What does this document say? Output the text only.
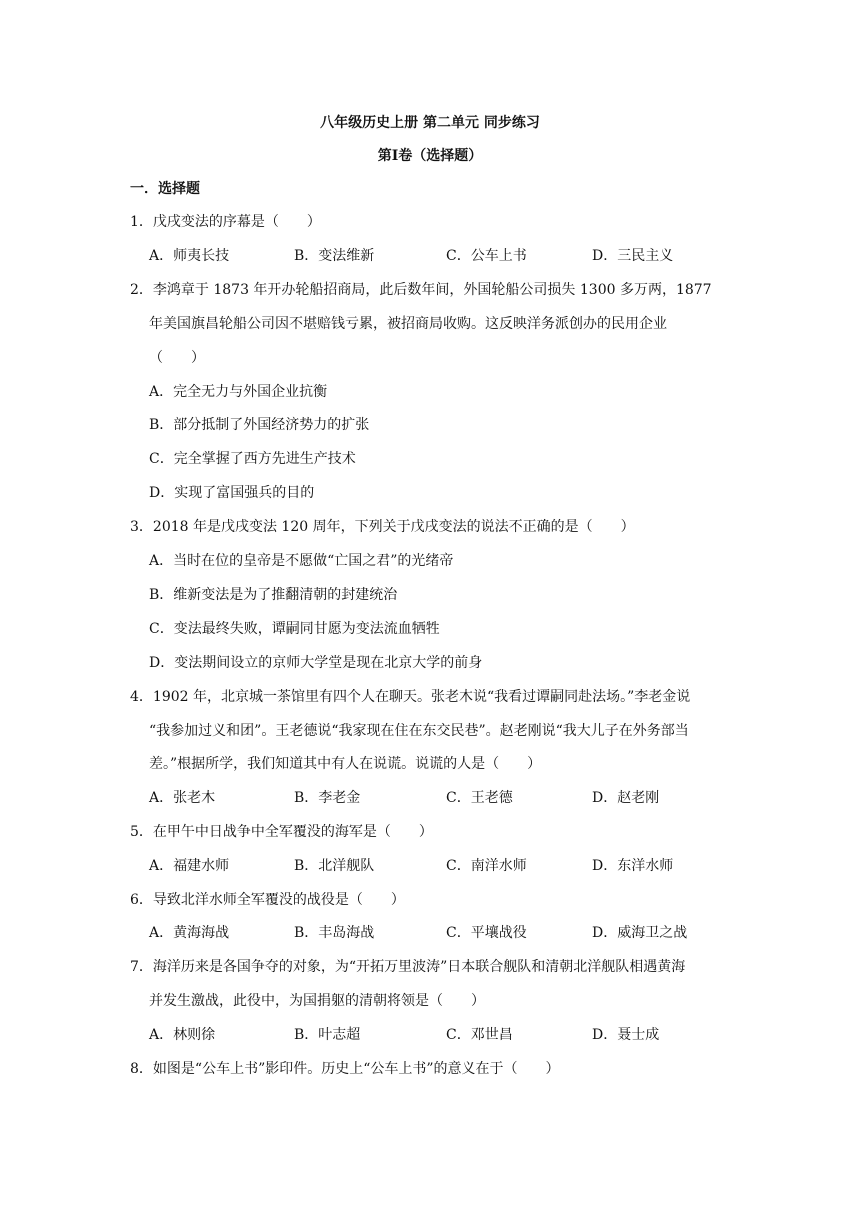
八年级历史上册 第二单元 同步练习
第Ⅰ卷（选择题）
一．选择题
1．戊戌变法的序幕是（　　）
A．师夷长技	B．变法维新	C．公车上书	D．三民主义
2．李鸿章于 1873 年开办轮船招商局，此后数年间，外国轮船公司损失 1300 多万两，1877
年美国旗昌轮船公司因不堪赔钱亏累，被招商局收购。这反映洋务派创办的民用企业
（　　）
A．完全无力与外国企业抗衡
B．部分抵制了外国经济势力的扩张
C．完全掌握了西方先进生产技术
D．实现了富国强兵的目的
3．2018 年是戊戌变法 120 周年，下列关于戊戌变法的说法不正确的是（　　）
A．当时在位的皇帝是不愿做“亡国之君”的光绪帝
B．维新变法是为了推翻清朝的封建统治
C．变法最终失败，谭嗣同甘愿为变法流血牺牲
D．变法期间设立的京师大学堂是现在北京大学的前身
4．1902 年，北京城一茶馆里有四个人在聊天。张老木说“我看过谭嗣同赴法场。”李老金说
“我参加过义和团”。王老德说“我家现在住在东交民巷”。赵老刚说“我大儿子在外务部当
差。”根据所学，我们知道其中有人在说谎。说谎的人是（　　）
A．张老木	B．李老金	C．王老德	D．赵老刚
5．在甲午中日战争中全军覆没的海军是（　　）
A．福建水师	B．北洋舰队	C．南洋水师	D．东洋水师
6．导致北洋水师全军覆没的战役是（　　）
A．黄海海战	B．丰岛海战	C．平壤战役	D．威海卫之战
7．海洋历来是各国争夺的对象，为“开拓万里波涛”日本联合舰队和清朝北洋舰队相遇黄海
并发生激战，此役中，为国捐躯的清朝将领是（　　）
A．林则徐	B．叶志超	C．邓世昌	D．聂士成
8．如图是“公车上书”影印件。历史上“公车上书”的意义在于（　　）
